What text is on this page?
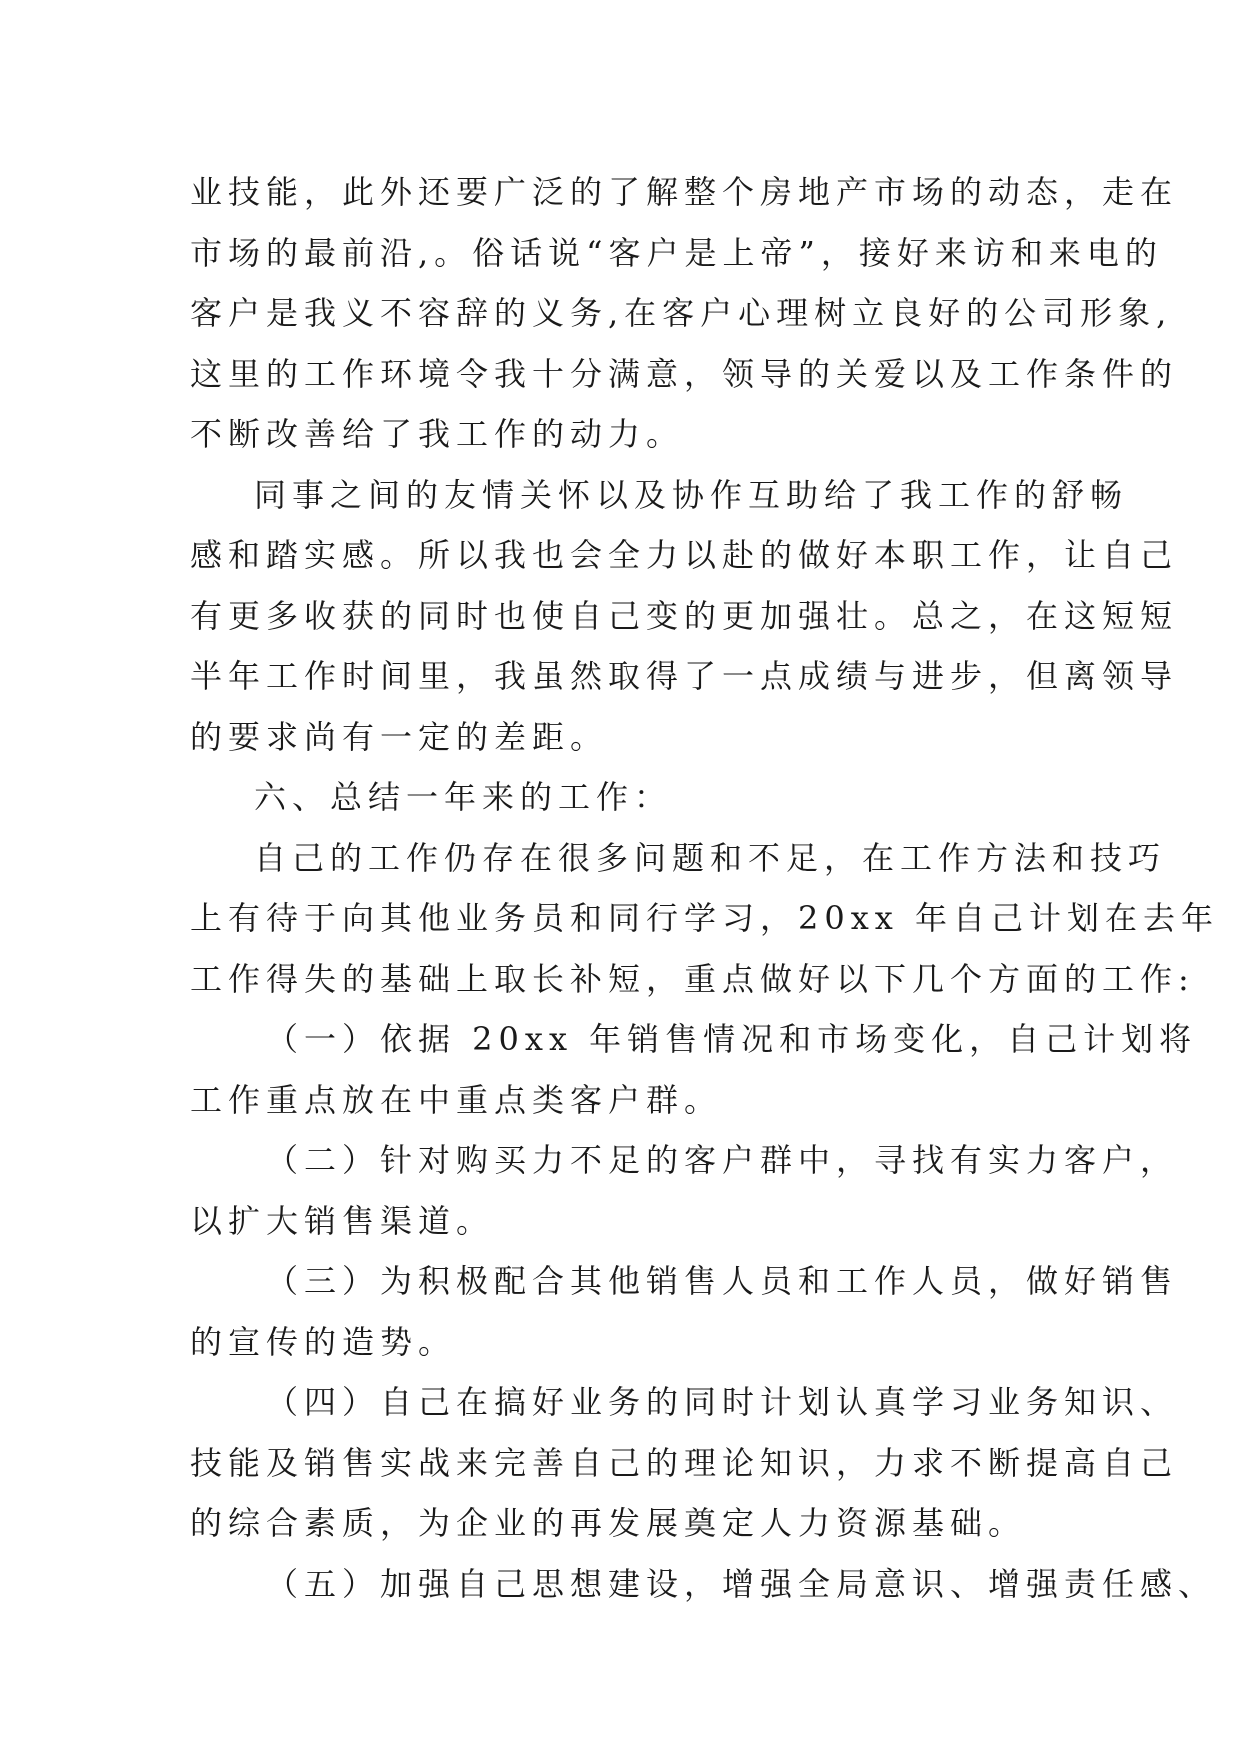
业技能，此外还要广泛的了解整个房地产市场的动态，走在
市场的最前沿,。俗话说“客户是上帝”，接好来访和来电的
客户是我义不容辞的义务,在客户心理树立良好的公司形象,
这里的工作环境令我十分满意，领导的关爱以及工作条件的
不断改善给了我工作的动力。
同事之间的友情关怀以及协作互助给了我工作的舒畅
感和踏实感。所以我也会全力以赴的做好本职工作，让自己
有更多收获的同时也使自己变的更加强壮。总之，在这短短
半年工作时间里，我虽然取得了一点成绩与进步，但离领导
的要求尚有一定的差距。
六、总结一年来的工作：
自己的工作仍存在很多问题和不足，在工作方法和技巧
上有待于向其他业务员和同行学习，20xx 年自己计划在去年
工作得失的基础上取长补短，重点做好以下几个方面的工作:
（一）依据 20xx 年销售情况和市场变化，自己计划将
工作重点放在中重点类客户群。
（二）针对购买力不足的客户群中，寻找有实力客户，
以扩大销售渠道。
（三）为积极配合其他销售人员和工作人员，做好销售
的宣传的造势。
（四）自己在搞好业务的同时计划认真学习业务知识、
技能及销售实战来完善自己的理论知识，力求不断提高自己
的综合素质，为企业的再发展奠定人力资源基础。
（五）加强自己思想建设，增强全局意识、增强责任感、
